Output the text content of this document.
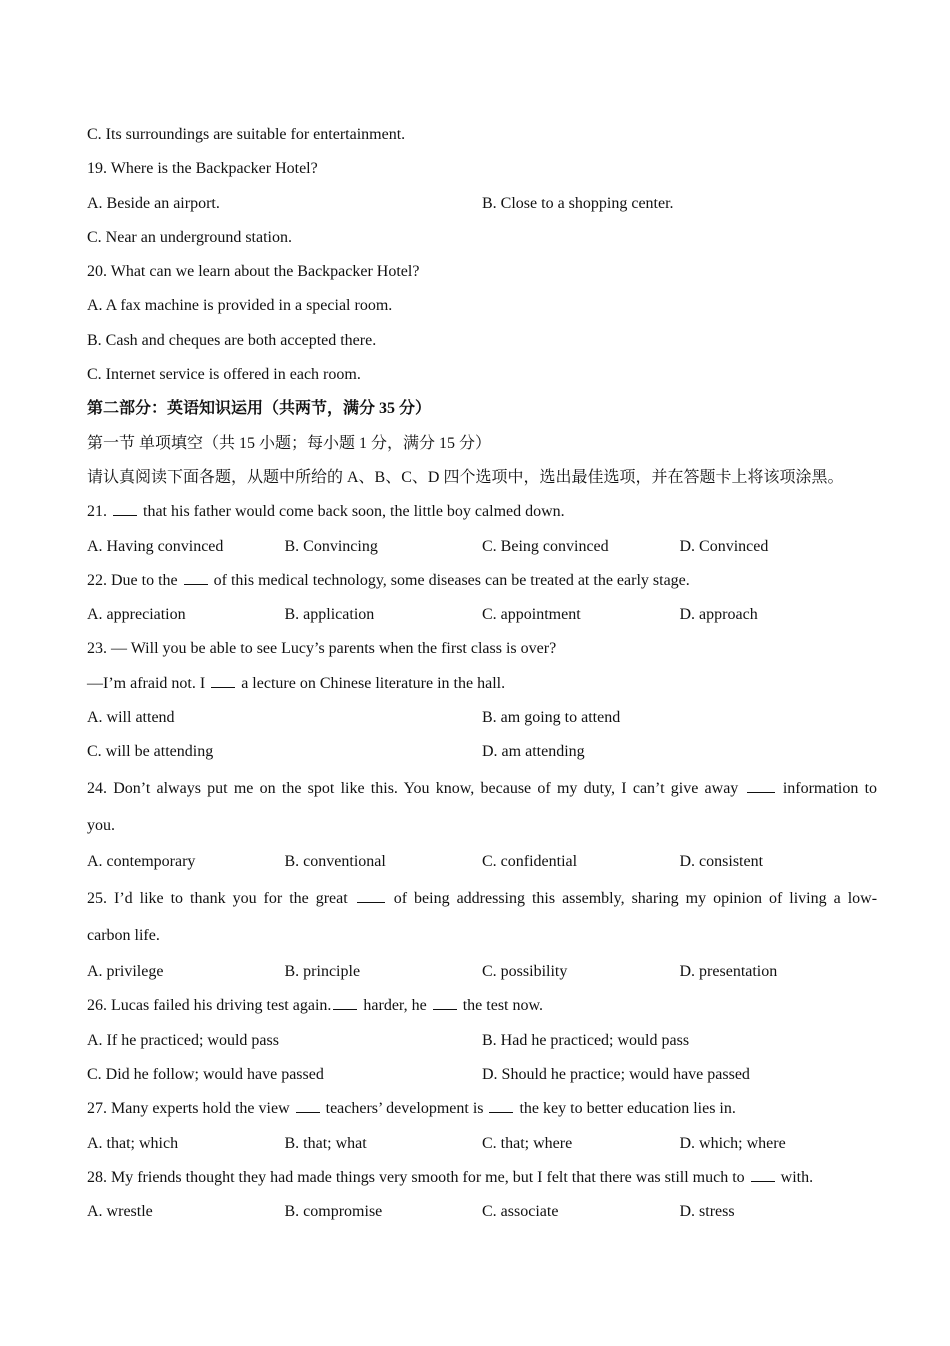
C. Its surroundings are suitable for entertainment.
19. Where is the Backpacker Hotel?
A. Beside an airport.	B. Close to a shopping center.
C. Near an underground station.
20. What can we learn about the Backpacker Hotel?
A. A fax machine is provided in a special room.
B. Cash and cheques are both accepted there.
C. Internet service is offered in each room.
第二部分：英语知识运用（共两节，满分 35 分）
第一节 单项填空（共 15 小题；每小题 1 分，满分 15 分）
请认真阅读下面各题，从题中所给的 A、B、C、D 四个选项中，选出最佳选项，并在答题卡上将该项涂黑。
21.  that his father would come back soon, the little boy calmed down.
A. Having convinced	B. Convincing	C. Being convinced	D. Convinced
22. Due to the  of this medical technology, some diseases can be treated at the early stage.
A. appreciation	B. application	C. appointment	D. approach
23. — Will you be able to see Lucy’s parents when the first class is over?
—I’m afraid not. I  a lecture on Chinese literature in the hall.
A. will attend	B. am going to attend
C. will be attending	D. am attending
24. Don’t always put me on the spot like this. You know, because of my duty, I can’t give away	information to
you.
A. contemporary	B. conventional	C. confidential	D. consistent
25. I’d like to thank you for the great	of being addressing this assembly, sharing my opinion of living a low-
carbon life.
A. privilege	B. principle	C. possibility	D. presentation
26. Lucas failed his driving test again. harder, he  the test now.
A. If he practiced; would pass	B. Had he practiced; would pass
C. Did he follow; would have passed	D. Should he practice; would have passed
27. Many experts hold the view  teachers’ development is  the key to better education lies in.
A. that; which	B. that; what	C. that; where	D. which; where
28. My friends thought they had made things very smooth for me, but I felt that there was still much to  with.
A. wrestle	B. compromise	C. associate	D. stress
